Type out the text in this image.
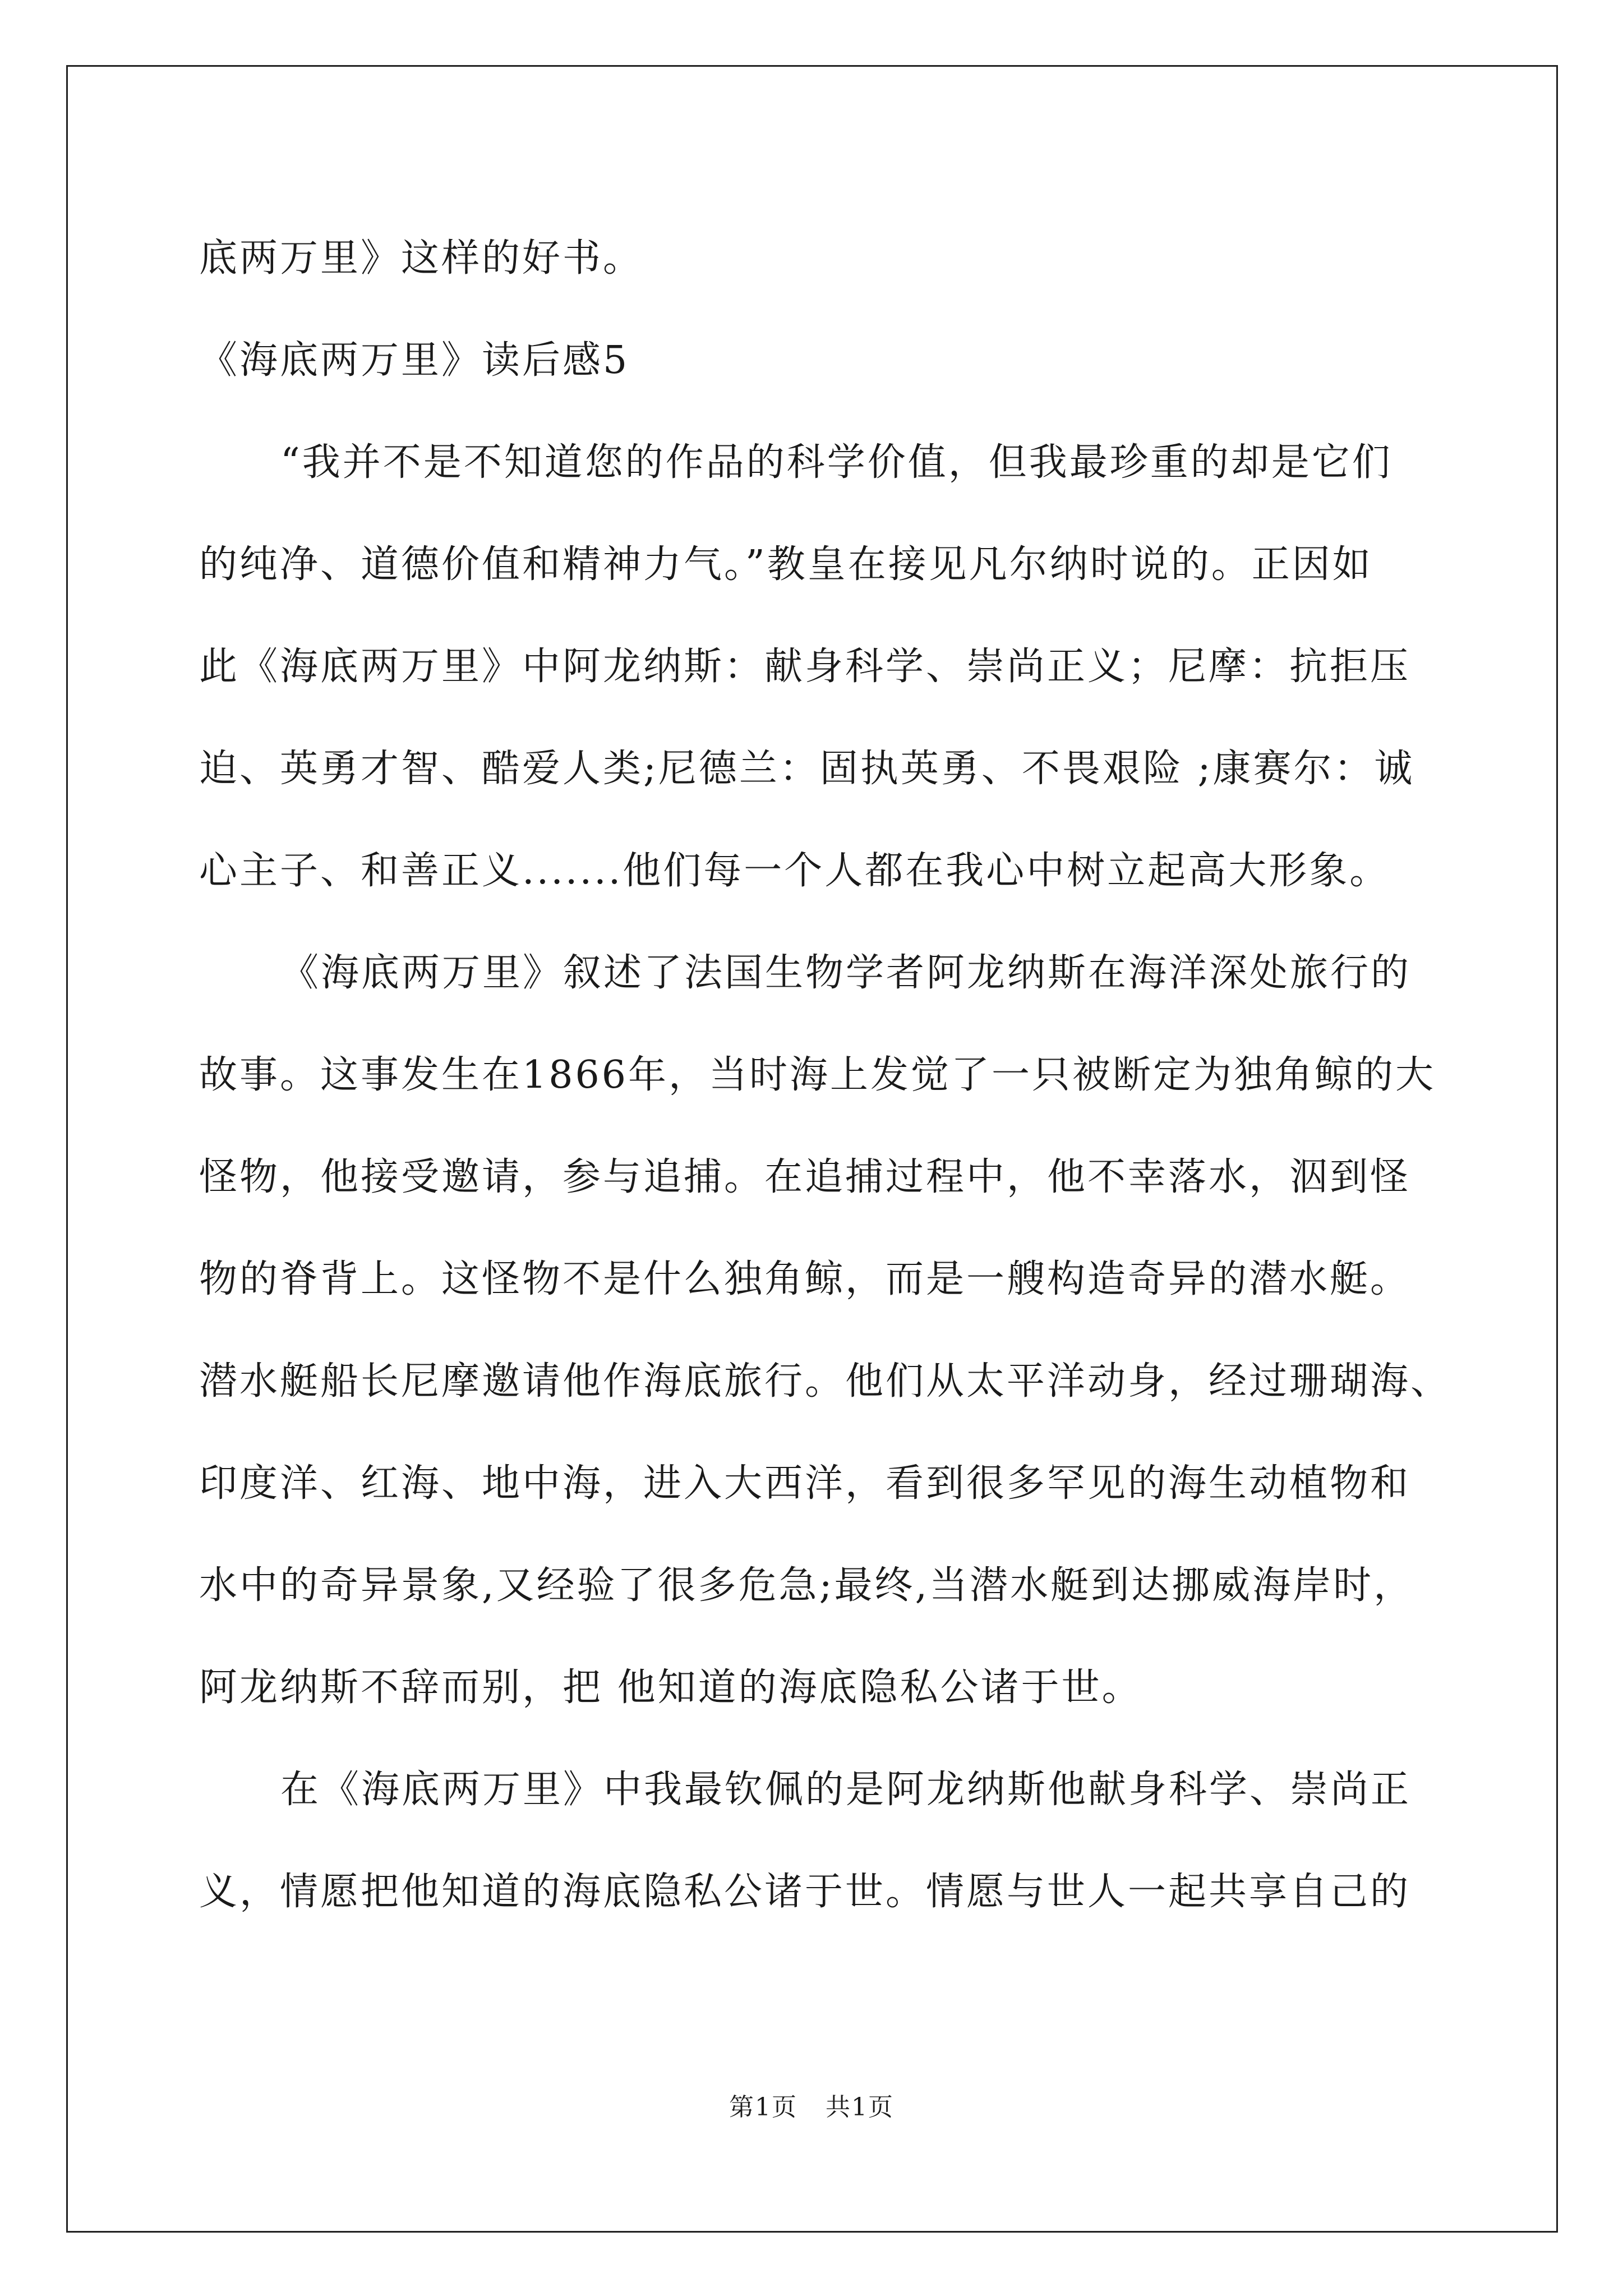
底两万里》这样的好书。
《海底两万里》读后感5
“我并不是不知道您的作品的科学价值，但我最珍重的却是它们
的纯净、道德价值和精神力气。”教皇在接见凡尔纳时说的。正因如
此《海底两万里》中阿龙纳斯：献身科学、崇尚正义；尼摩：抗拒压
迫、英勇才智、酷爱人类;尼德兰：固执英勇、不畏艰险 ;康赛尔：诚
心主子、和善正义.......他们每一个人都在我心中树立起高大形象。
《海底两万里》叙述了法国生物学者阿龙纳斯在海洋深处旅行的
故事。这事发生在1866年，当时海上发觉了一只被断定为独角鲸的大
怪物，他接受邀请，参与追捕。在追捕过程中，他不幸落水，泅到怪
物的脊背上。这怪物不是什么独角鲸，而是一艘构造奇异的潜水艇。
潜水艇船长尼摩邀请他作海底旅行。他们从太平洋动身，经过珊瑚海、
印度洋、红海、地中海，进入大西洋，看到很多罕见的海生动植物和
水中的奇异景象,又经验了很多危急;最终,当潜水艇到达挪威海岸时，
阿龙纳斯不辞而别，把 他知道的海底隐私公诸于世。
在《海底两万里》中我最钦佩的是阿龙纳斯他献身科学、崇尚正
义，情愿把他知道的海底隐私公诸于世。情愿与世人一起共享自己的
第1页 共1页
